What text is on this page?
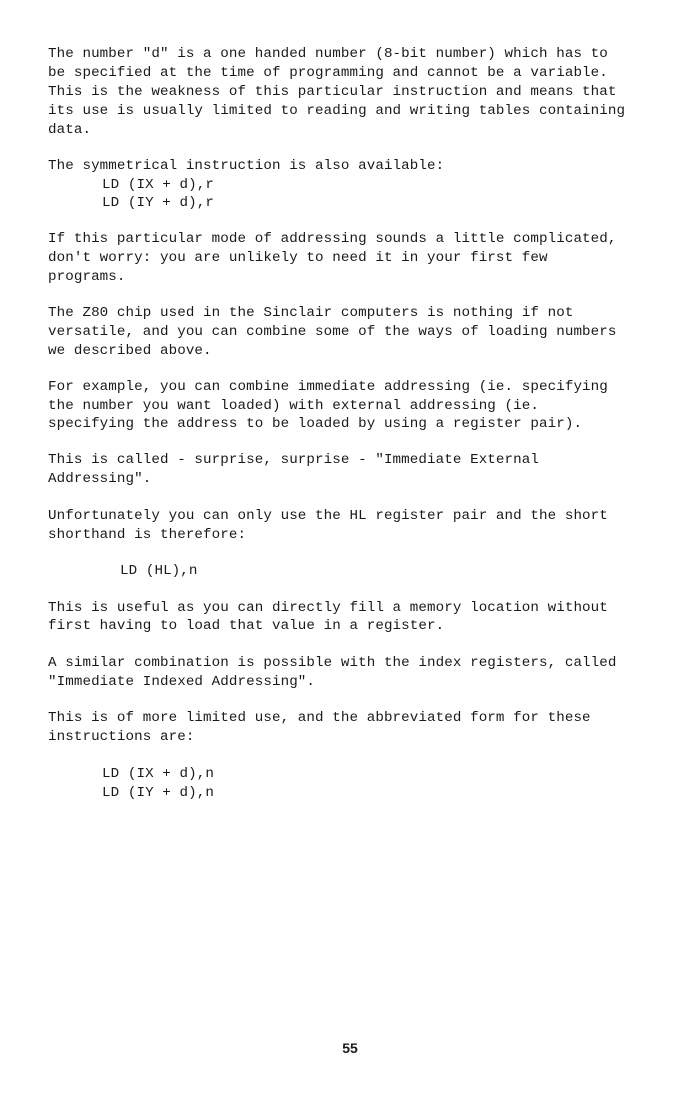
The number "d" is a one handed number (8-bit number) which has to
be specified at the time of programming and cannot be a variable.
This is the weakness of this particular instruction and means that
its use is usually limited to reading and writing tables containing
data.
The symmetrical instruction is also available:
LD (IX + d),r
LD (IY + d),r
If this particular mode of addressing sounds a little complicated,
don't worry: you are unlikely to need it in your first few
programs.
The Z80 chip used in the Sinclair computers is nothing if not
versatile, and you can combine some of the ways of loading numbers
we described above.
For example, you can combine immediate addressing (ie. specifying
the number you want loaded) with external addressing (ie.
specifying the address to be loaded by using a register pair).
This is called - surprise, surprise - "Immediate External
Addressing".
Unfortunately you can only use the HL register pair and the short
shorthand is therefore:
LD (HL),n
This is useful as you can directly fill a memory location without
first having to load that value in a register.
A similar combination is possible with the index registers, called
"Immediate Indexed Addressing".
This is of more limited use, and the abbreviated form for these
instructions are:
LD (IX + d),n
LD (IY + d),n
55
